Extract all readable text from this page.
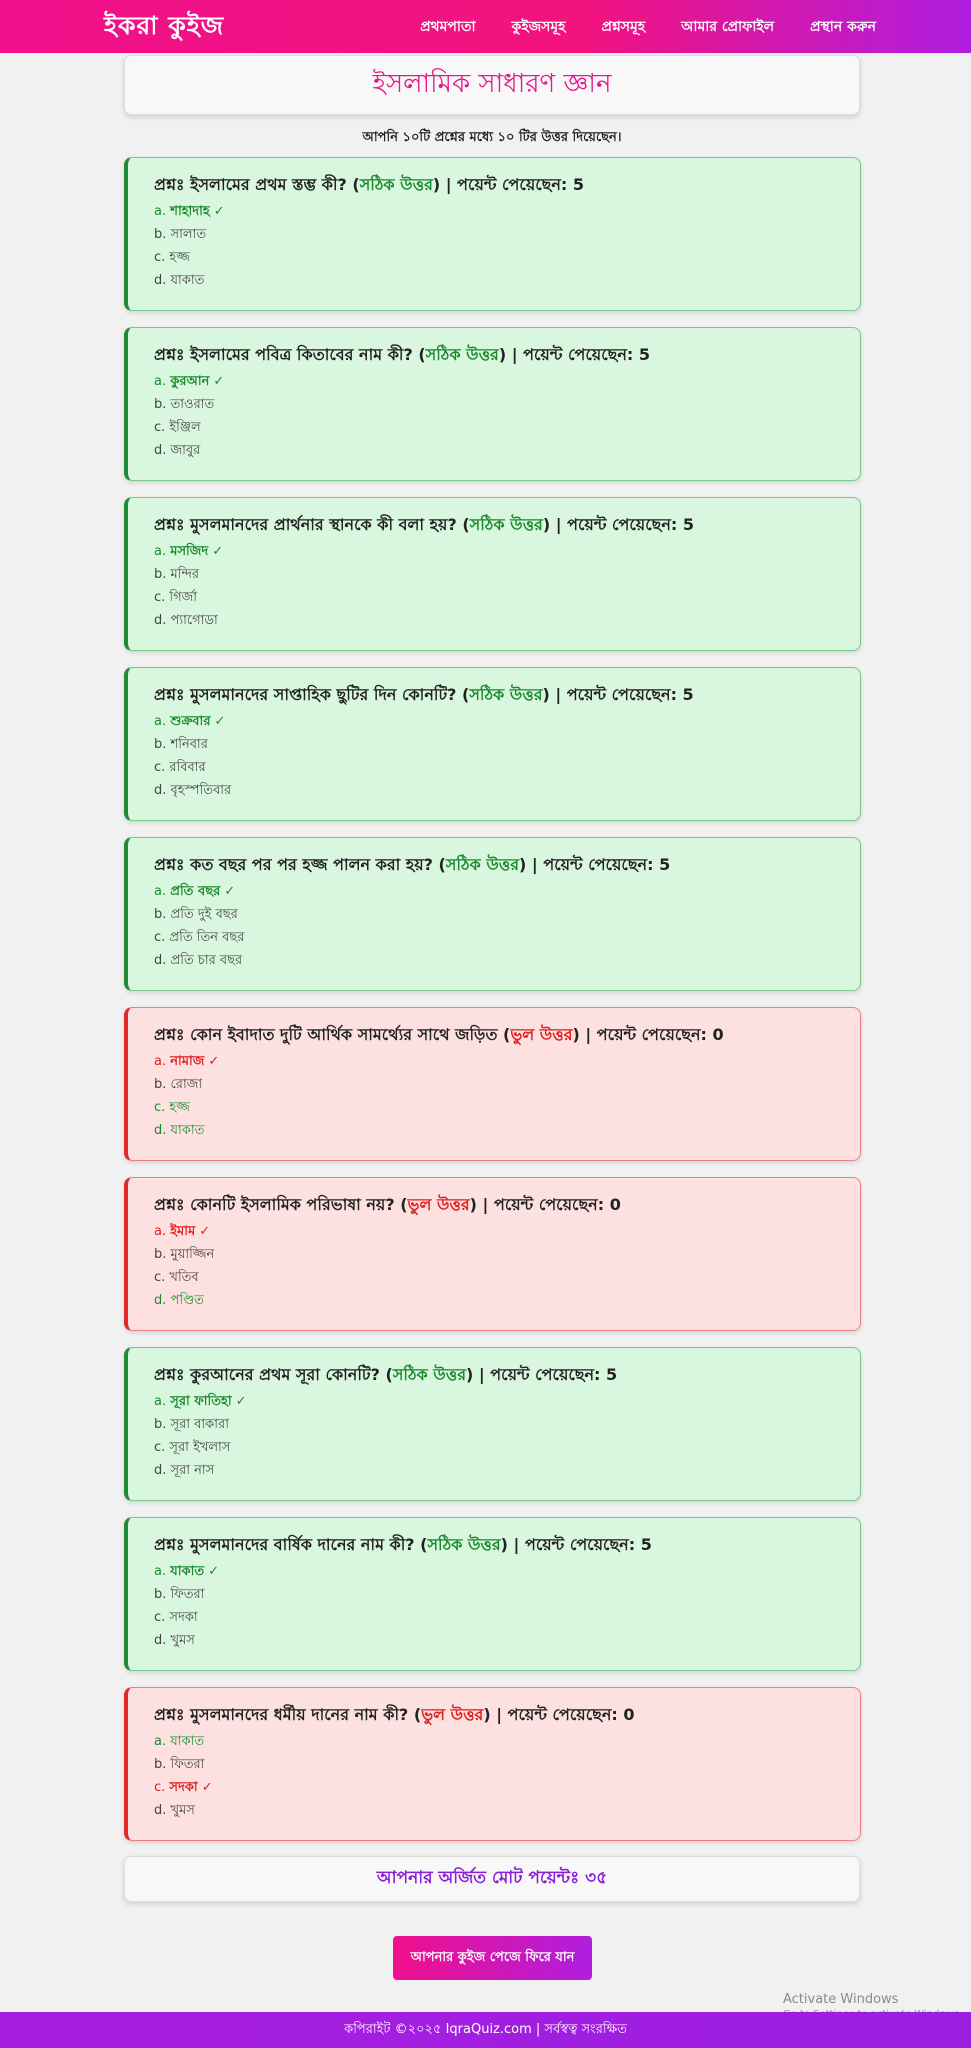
ইকরা কুইজ	প্রথমপাতা	কুইজসমূহ	প্রশ্নসমূহ	আমার প্রোফাইল	প্রস্থান করুন
ইসলামিক সাধারণ জ্ঞান
আপনি ১০টি প্রশ্নের মধ্যে ১০ টির উত্তর দিয়েছেন।
প্রশ্নঃ ইসলামের প্রথম স্তম্ভ কী? (সঠিক উত্তর) | পয়েন্ট পেয়েছেন: 5
a. শাহাদাহ ✓
b. সালাত
c. হজ্জ
d. যাকাত
প্রশ্নঃ ইসলামের পবিত্র কিতাবের নাম কী? (সঠিক উত্তর) | পয়েন্ট পেয়েছেন: 5
a. কুরআন ✓
b. তাওরাত
c. ইঞ্জিল
d. জাবুর
প্রশ্নঃ মুসলমানদের প্রার্থনার স্থানকে কী বলা হয়? (সঠিক উত্তর) | পয়েন্ট পেয়েছেন: 5
a. মসজিদ ✓
b. মন্দির
c. গির্জা
d. প্যাগোডা
প্রশ্নঃ মুসলমানদের সাপ্তাহিক ছুটির দিন কোনটি? (সঠিক উত্তর) | পয়েন্ট পেয়েছেন: 5
a. শুক্রবার ✓
b. শনিবার
c. রবিবার
d. বৃহস্পতিবার
প্রশ্নঃ কত বছর পর পর হজ্জ পালন করা হয়? (সঠিক উত্তর) | পয়েন্ট পেয়েছেন: 5
a. প্রতি বছর ✓
b. প্রতি দুই বছর
c. প্রতি তিন বছর
d. প্রতি চার বছর
প্রশ্নঃ কোন ইবাদাত দুটি আর্থিক সামর্থ্যের সাথে জড়িত (ভুল উত্তর) | পয়েন্ট পেয়েছেন: 0
a. নামাজ ✓
b. রোজা
c. হজ্জ
d. যাকাত
প্রশ্নঃ কোনটি ইসলামিক পরিভাষা নয়? (ভুল উত্তর) | পয়েন্ট পেয়েছেন: 0
a. ইমাম ✓
b. মুয়াজ্জিন
c. খতিব
d. পণ্ডিত
প্রশ্নঃ কুরআনের প্রথম সূরা কোনটি? (সঠিক উত্তর) | পয়েন্ট পেয়েছেন: 5
a. সূরা ফাতিহা ✓
b. সূরা বাকারা
c. সূরা ইখলাস
d. সূরা নাস
প্রশ্নঃ মুসলমানদের বার্ষিক দানের নাম কী? (সঠিক উত্তর) | পয়েন্ট পেয়েছেন: 5
a. যাকাত ✓
b. ফিতরা
c. সদকা
d. খুমস
প্রশ্নঃ মুসলমানদের ধর্মীয় দানের নাম কী? (ভুল উত্তর) | পয়েন্ট পেয়েছেন: 0
a. যাকাত
b. ফিতরা
c. সদকা ✓
d. খুমস
আপনার অর্জিত মোট পয়েন্টঃ ৩৫
আপনার কুইজ পেজে ফিরে যান
Activate Windows
কপিরাইট ©২০২৫ IqraQuiz.com | সর্বস্বত্ব সংরক্ষিত
